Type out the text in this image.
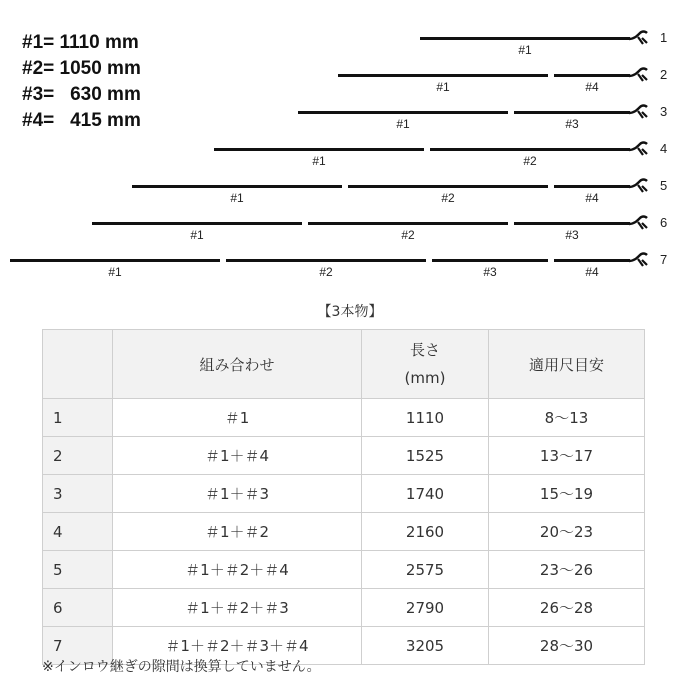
#1= 1110 mm
#2= 1050 mm
#3=   630 mm
#4=   415 mm
#1
1
#4
#1
2
#3
#1
3
#2
#1
4
#4
#2
#1
5
#3
#2
#1
6
#4
#3
#2
#1
7
【3本物】
	組み合わせ	長さ
(mm)	適用尺目安
1	＃1	1110	8〜13
2	＃1＋＃4	1525	13〜17
3	＃1＋＃3	1740	15〜19
4	＃1＋＃2	2160	20〜23
5	＃1＋＃2＋＃4	2575	23〜26
6	＃1＋＃2＋＃3	2790	26〜28
7	＃1＋＃2＋＃3＋＃4	3205	28〜30
※インロウ継ぎの隙間は換算していません。
